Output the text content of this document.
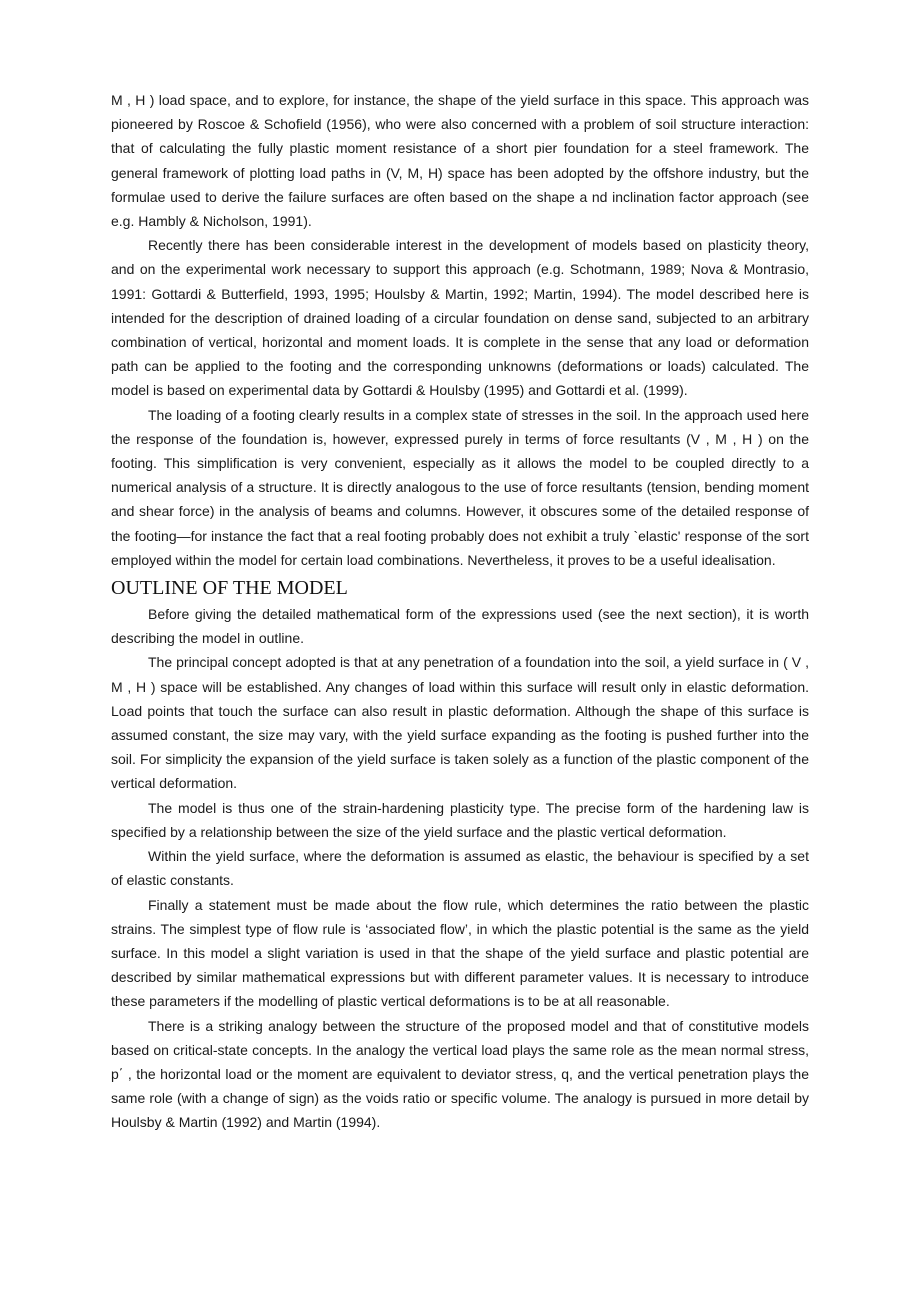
M , H ) load space, and to explore, for instance, the shape of the yield surface in this space. This approach was pioneered by Roscoe & Schofield (1956), who were also concerned with a problem of soil structure interaction: that of calculating the fully plastic moment resistance of a short pier foundation for a steel framework. The general framework of plotting load paths in (V, M, H) space has been adopted by the offshore industry, but the formulae used to derive the failure surfaces are often based on the shape a nd inclination factor approach (see e.g. Hambly & Nicholson, 1991).

Recently there has been considerable interest in the development of models based on plasticity theory, and on the experimental work necessary to support this approach (e.g. Schotmann, 1989; Nova & Montrasio, 1991: Gottardi & Butterfield, 1993, 1995; Houlsby & Martin, 1992; Martin, 1994). The model described here is intended for the description of drained loading of a circular foundation on dense sand, subjected to an arbitrary combination of vertical, horizontal and moment loads. It is complete in the sense that any load or deformation path can be applied to the footing and the corresponding unknowns (deformations or loads) calculated. The model is based on experimental data by Gottardi & Houlsby (1995) and Gottardi et al. (1999).

The loading of a footing clearly results in a complex state of stresses in the soil. In the approach used here the response of the foundation is, however, expressed purely in terms of force resultants (V , M , H ) on the footing. This simplification is very convenient, especially as it allows the model to be coupled directly to a numerical analysis of a structure. It is directly analogous to the use of force resultants (tension, bending moment and shear force) in the analysis of beams and columns. However, it obscures some of the detailed response of the footing—for instance the fact that a real footing probably does not exhibit a truly `elastic' response of the sort employed within the model for certain load combinations. Nevertheless, it proves to be a useful idealisation.

OUTLINE OF THE MODEL

Before giving the detailed mathematical form of the expressions used (see the next section), it is worth describing the model in outline.

The principal concept adopted is that at any penetration of a foundation into the soil, a yield surface in ( V , M , H ) space will be established. Any changes of load within this surface will result only in elastic deformation. Load points that touch the surface can also result in plastic deformation. Although the shape of this surface is assumed constant, the size may vary, with the yield surface expanding as the footing is pushed further into the soil. For simplicity the expansion of the yield surface is taken solely as a function of the plastic component of the vertical deformation.

The model is thus one of the strain-hardening plasticity type. The precise form of the hardening law is specified by a relationship between the size of the yield surface and the plastic vertical deformation.

Within the yield surface, where the deformation is assumed as elastic, the behaviour is specified by a set of elastic constants.

Finally a statement must be made about the flow rule, which determines the ratio between the plastic strains. The simplest type of flow rule is ‘associated flow’, in which the plastic potential is the same as the yield surface. In this model a slight variation is used in that the shape of the yield surface and plastic potential are described by similar mathematical expressions but with different parameter values. It is necessary to introduce these parameters if the modelling of plastic vertical deformations is to be at all reasonable.

There is a striking analogy between the structure of the proposed model and that of constitutive models based on critical-state concepts. In the analogy the vertical load plays the same role as the mean normal stress, p΄ , the horizontal load or the moment are equivalent to deviator stress, q, and the vertical penetration plays the same role (with a change of sign) as the voids ratio or specific volume. The analogy is pursued in more detail by Houlsby & Martin (1992) and Martin (1994).
